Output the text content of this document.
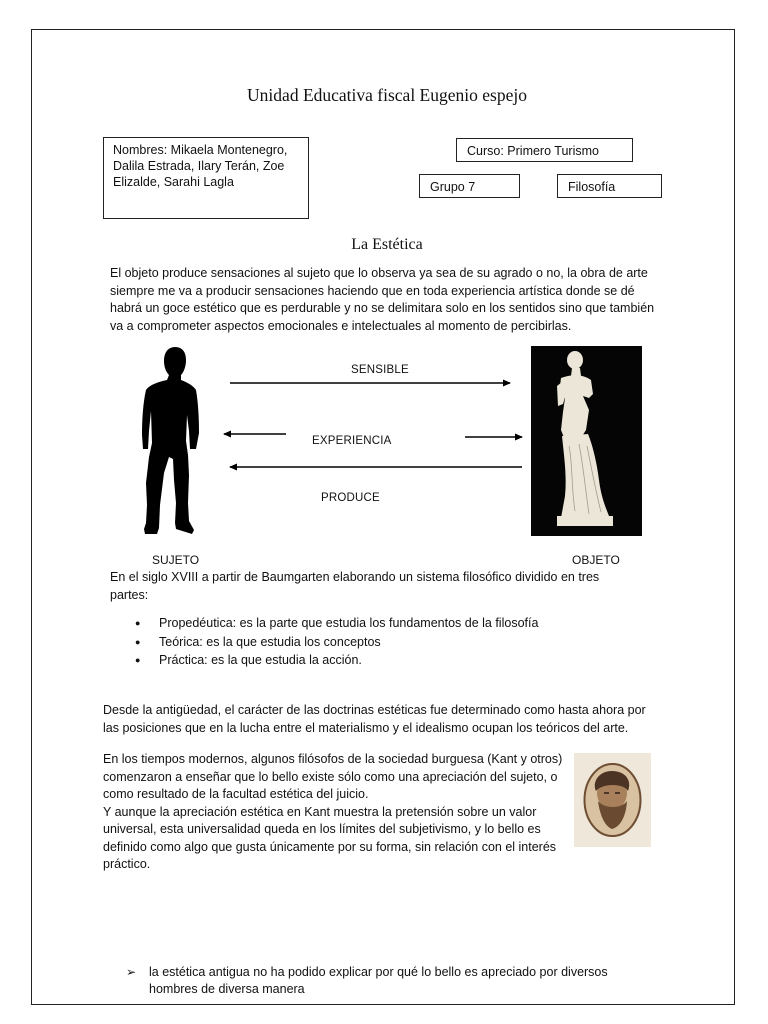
Unidad Educativa fiscal Eugenio espejo
Nombres: Mikaela Montenegro, Dalila Estrada, Ilary Terán, Zoe Elizalde, Sarahi Lagla
Curso: Primero Turismo
Grupo 7	Filosofía
La Estética
El objeto produce sensaciones al sujeto que lo observa ya sea de su agrado o no, la obra de arte siempre me va a producir sensaciones haciendo que en toda experiencia artística donde se dé habrá un goce estético que es perdurable y no se delimitara solo en los sentidos sino que también va a comprometer aspectos emocionales e intelectuales al momento de percibirlas.
SENSIBLE
EXPERIENCIA
PRODUCE
SUJETO	OBJETO
En el siglo XVIII a partir de Baumgarten elaborando un sistema filosófico dividido en tres partes:
● Propedéutica: es la parte que estudia los fundamentos de la filosofía
● Teórica: es la que estudia los conceptos
● Práctica: es la que estudia la acción.
Desde la antigüedad, el carácter de las doctrinas estéticas fue determinado como hasta ahora por las posiciones que en la lucha entre el materialismo y el idealismo ocupan los teóricos del arte.
En los tiempos modernos, algunos filósofos de la sociedad burguesa (Kant y otros) comenzaron a enseñar que lo bello existe sólo como una apreciación del sujeto, o como resultado de la facultad estética del juicio.
Y aunque la apreciación estética en Kant muestra la pretensión sobre un valor universal, esta universalidad queda en los límites del subjetivismo, y lo bello es definido como algo que gusta únicamente por su forma, sin relación con el interés práctico.
➢	la estética antigua no ha podido explicar por qué lo bello es apreciado por diversos hombres de diversa manera
